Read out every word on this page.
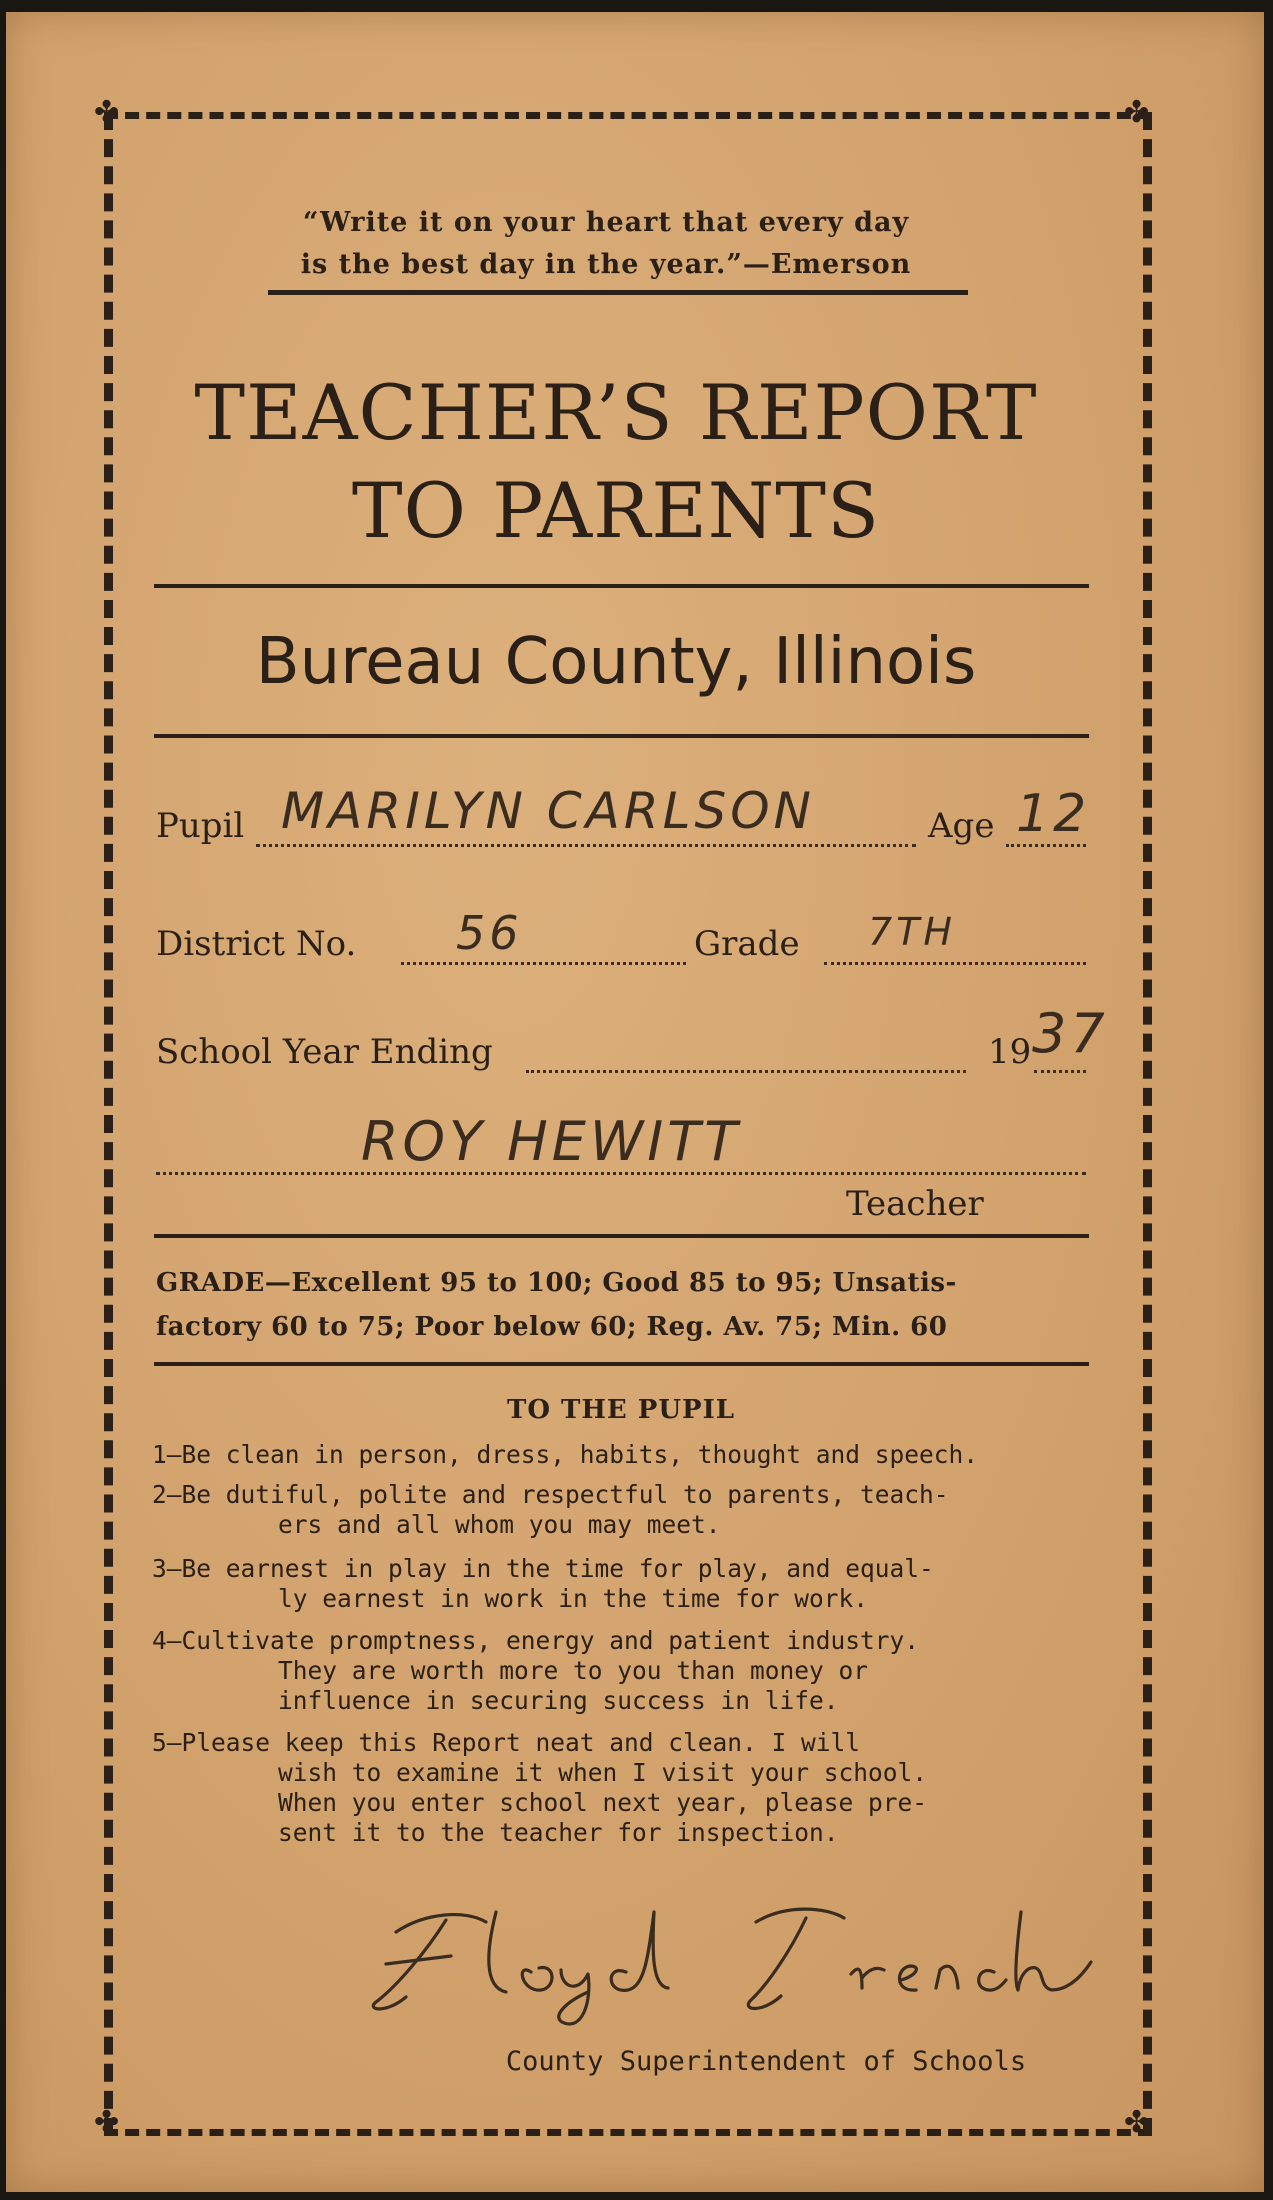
✤	✤
✤	✤

“Write it on your heart that every day

is the best day in the year.”—Emerson

TEACHER’S REPORT

TO PARENTS

Bureau County, Illinois

Pupil MARILYN CARLSON	Age 12

District No. 56	Grade 7TH

School Year Ending	19 37
ROY HEWITT

Teacher

GRADE—Excellent 95 to 100; Good 85 to 95; Unsatis-

factory 60 to 75; Poor below 60; Reg. Av. 75; Min. 60

TO THE PUPIL

1—Be clean in person, dress, habits, thought and speech.
2—Be dutiful, polite and respectful to parents, teach-
ers and all whom you may meet.
3—Be earnest in play in the time for play, and equal-
ly earnest in work in the time for work.
4—Cultivate promptness, energy and patient industry.
They are worth more to you than money or
influence in securing success in life.
5—Please keep this Report neat and clean. I will
wish to examine it when I visit your school.
When you enter school next year, please pre-
sent it to the teacher for inspection.

County Superintendent of Schools
